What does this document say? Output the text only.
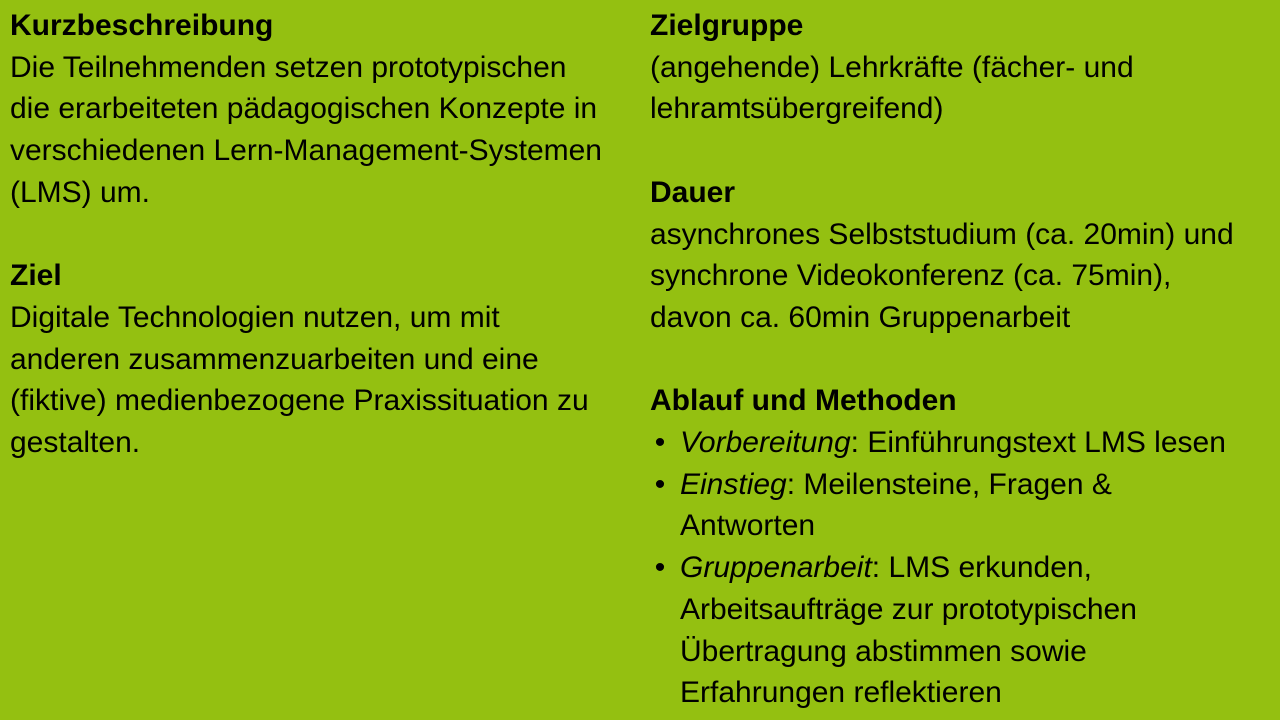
Kurzbeschreibung
Die Teilnehmenden setzen prototypischen
die erarbeiteten pädagogischen Konzepte in
verschiedenen Lern-Management-Systemen
(LMS) um.
Ziel
Digitale Technologien nutzen, um mit
anderen zusammenzuarbeiten und eine
(fiktive) medienbezogene Praxissituation zu
gestalten.
Zielgruppe
(angehende) Lehrkräfte (fächer- und
lehramtsübergreifend)
Dauer
asynchrones Selbststudium (ca. 20min) und
synchrone Videokonferenz (ca. 75min),
davon ca. 60min Gruppenarbeit
Ablauf und Methoden
•
Vorbereitung: Einführungstext LMS lesen
•
Einstieg: Meilensteine, Fragen &
Antworten
•
Gruppenarbeit: LMS erkunden,
Arbeitsaufträge zur prototypischen
Übertragung abstimmen sowie
Erfahrungen reflektieren
